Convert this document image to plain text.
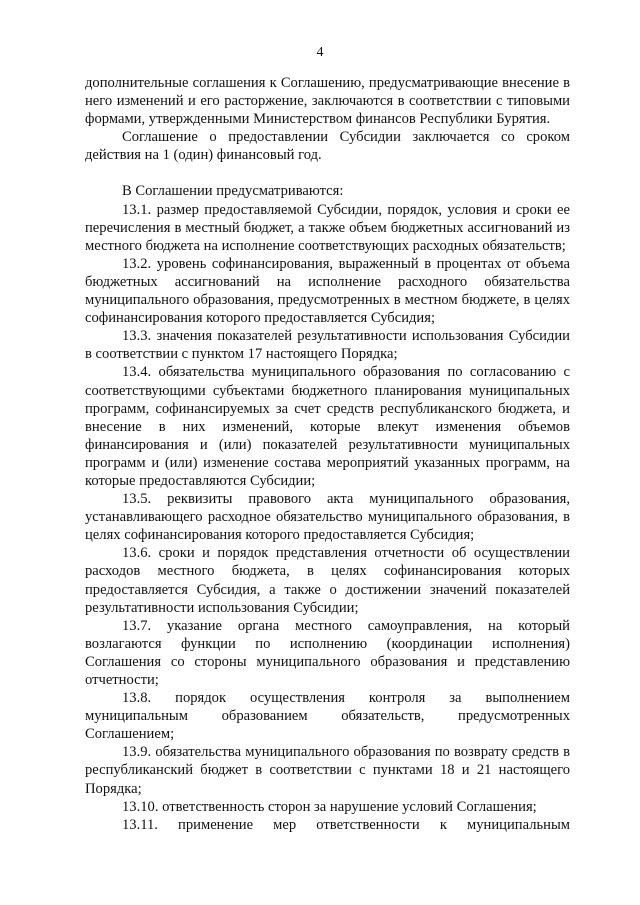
4

дополнительные соглашения к Соглашению, предусматривающие внесение в него изменений и его расторжение, заключаются в соответствии с типовыми формами, утвержденными Министерством финансов Республики Бурятия.

Соглашение о предоставлении Субсидии заключается со сроком действия на 1 (один) финансовый год.

В Соглашении предусматриваются:

13.1. размер предоставляемой Субсидии, порядок, условия и сроки ее перечисления в местный бюджет, а также объем бюджетных ассигнований из местного бюджета на исполнение соответствующих расходных обязательств;

13.2. уровень софинансирования, выраженный в процентах от объема бюджетных ассигнований на исполнение расходного обязательства муниципального образования, предусмотренных в местном бюджете, в целях софинансирования которого предоставляется Субсидия;

13.3. значения показателей результативности использования Субсидии в соответствии с пунктом 17 настоящего Порядка;

13.4. обязательства муниципального образования по согласованию с соответствующими субъектами бюджетного планирования муниципальных программ, софинансируемых за счет средств республиканского бюджета, и внесение в них изменений, которые влекут изменения объемов финансирования и (или) показателей результативности муниципальных программ и (или) изменение состава мероприятий указанных программ, на которые предоставляются Субсидии;

13.5. реквизиты правового акта муниципального образования, устанавливающего расходное обязательство муниципального образования, в целях софинансирования которого предоставляется Субсидия;

13.6. сроки и порядок представления отчетности об осуществлении расходов местного бюджета, в целях софинансирования которых предоставляется Субсидия, а также о достижении значений показателей результативности использования Субсидии;

13.7. указание органа местного самоуправления, на который возлагаются функции по исполнению (координации исполнения) Соглашения со стороны муниципального образования и представлению отчетности;

13.8. порядок осуществления контроля за выполнением муниципальным образованием обязательств, предусмотренных Соглашением;

13.9. обязательства муниципального образования по возврату средств в республиканский бюджет в соответствии с пунктами 18 и 21 настоящего Порядка;

13.10. ответственность сторон за нарушение условий Соглашения;

13.11. применение мер ответственности к муниципальным
